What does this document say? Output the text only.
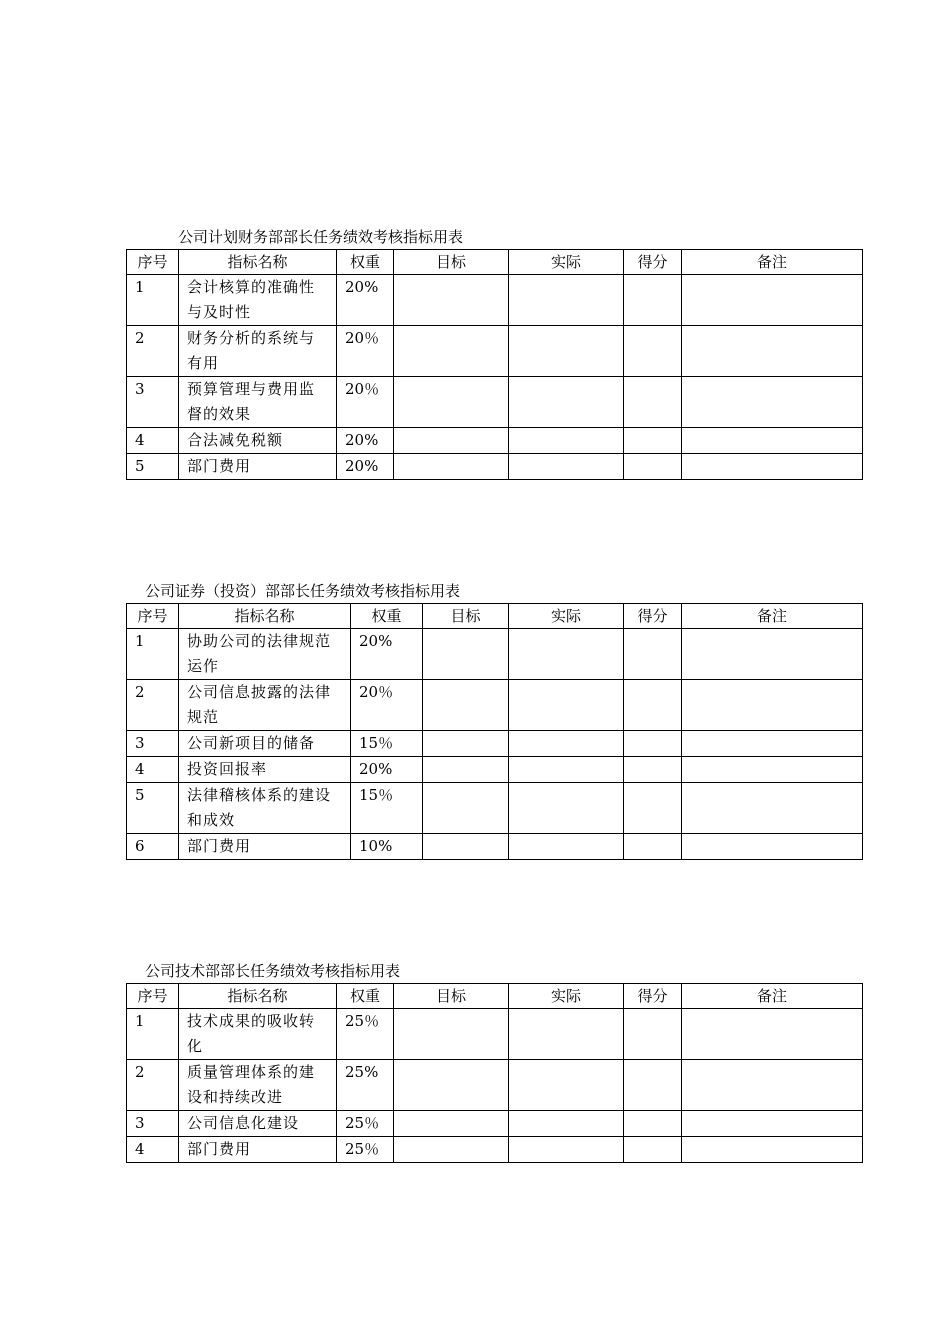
公司计划财务部部长任务绩效考核指标用表
序号	指标名称	权重	目标	实际	得分	备注
1	会计核算的准确性与及时性	20%				
2	财务分析的系统与有用	20％				
3	预算管理与费用监督的效果	20％				
4	合法减免税额	20%				
5	部门费用	20%				
公司证券（投资）部部长任务绩效考核指标用表
序号	指标名称	权重	目标	实际	得分	备注
1	协助公司的法律规范运作	20%				
2	公司信息披露的法律规范	20％				
3	公司新项目的储备	15％				
4	投资回报率	20%				
5	法律稽核体系的建设和成效	15％				
6	部门费用	10%				
公司技术部部长任务绩效考核指标用表
序号	指标名称	权重	目标	实际	得分	备注
1	技术成果的吸收转化	25％				
2	质量管理体系的建设和持续改进	25%				
3	公司信息化建设	25％				
4	部门费用	25％				
